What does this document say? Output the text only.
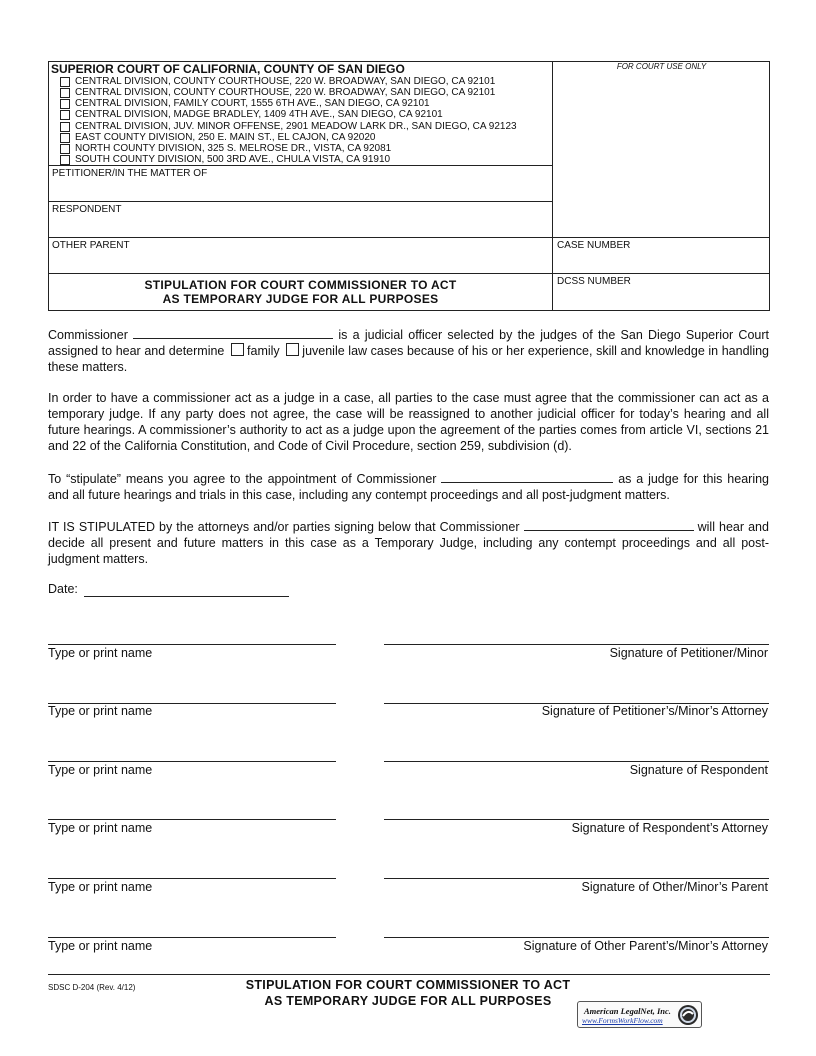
SUPERIOR COURT OF CALIFORNIA, COUNTY OF SAN DIEGO
CENTRAL DIVISION, COUNTY COURTHOUSE, 220 W. BROADWAY, SAN DIEGO, CA 92101
CENTRAL DIVISION, COUNTY COURTHOUSE, 220 W. BROADWAY, SAN DIEGO, CA 92101
CENTRAL DIVISION, FAMILY COURT, 1555 6TH AVE., SAN DIEGO, CA 92101
CENTRAL DIVISION, MADGE BRADLEY, 1409 4TH AVE., SAN DIEGO, CA 92101
CENTRAL DIVISION, JUV. MINOR OFFENSE, 2901 MEADOW LARK DR., SAN DIEGO, CA 92123
EAST COUNTY DIVISION, 250 E. MAIN ST., EL CAJON, CA 92020
NORTH COUNTY DIVISION, 325 S. MELROSE DR., VISTA, CA 92081
SOUTH COUNTY DIVISION, 500 3RD AVE., CHULA VISTA, CA 91910
FOR COURT USE ONLY
PETITIONER/IN THE MATTER OF
RESPONDENT
OTHER PARENT	CASE NUMBER
DCSS NUMBER
STIPULATION FOR COURT COMMISSIONER TO ACT
AS TEMPORARY JUDGE FOR ALL PURPOSES
Commissioner	is a judicial officer selected by the judges of the San Diego Superior Court assigned to hear and determine family juvenile law cases because of his or her experience, skill and knowledge in handling these matters.
In order to have a commissioner act as a judge in a case, all parties to the case must agree that the commissioner can act as a temporary judge. If any party does not agree, the case will be reassigned to another judicial officer for today’s hearing and all future hearings. A commissioner’s authority to act as a judge upon the agreement of the parties comes from article VI, sections 21 and 22 of the California Constitution, and Code of Civil Procedure, section 259, subdivision (d).
To “stipulate” means you agree to the appointment of Commissioner	as a judge for this hearing and all future hearings and trials in this case, including any contempt proceedings and all post-judgment matters.
IT IS STIPULATED by the attorneys and/or parties signing below that Commissioner	will hear and decide all present and future matters in this case as a Temporary Judge, including any contempt proceedings and all post-judgment matters.
Date:
Type or print name	Signature of Petitioner/Minor
Type or print name	Signature of Petitioner’s/Minor’s Attorney
Type or print name	Signature of Respondent
Type or print name	Signature of Respondent’s Attorney
Type or print name	Signature of Other/Minor’s Parent
Type or print name	Signature of Other Parent’s/Minor’s Attorney
SDSC D-204 (Rev. 4/12)	STIPULATION FOR COURT COMMISSIONER TO ACT
AS TEMPORARY JUDGE FOR ALL PURPOSES
American LegalNet, Inc.
www.FormsWorkFlow.com
